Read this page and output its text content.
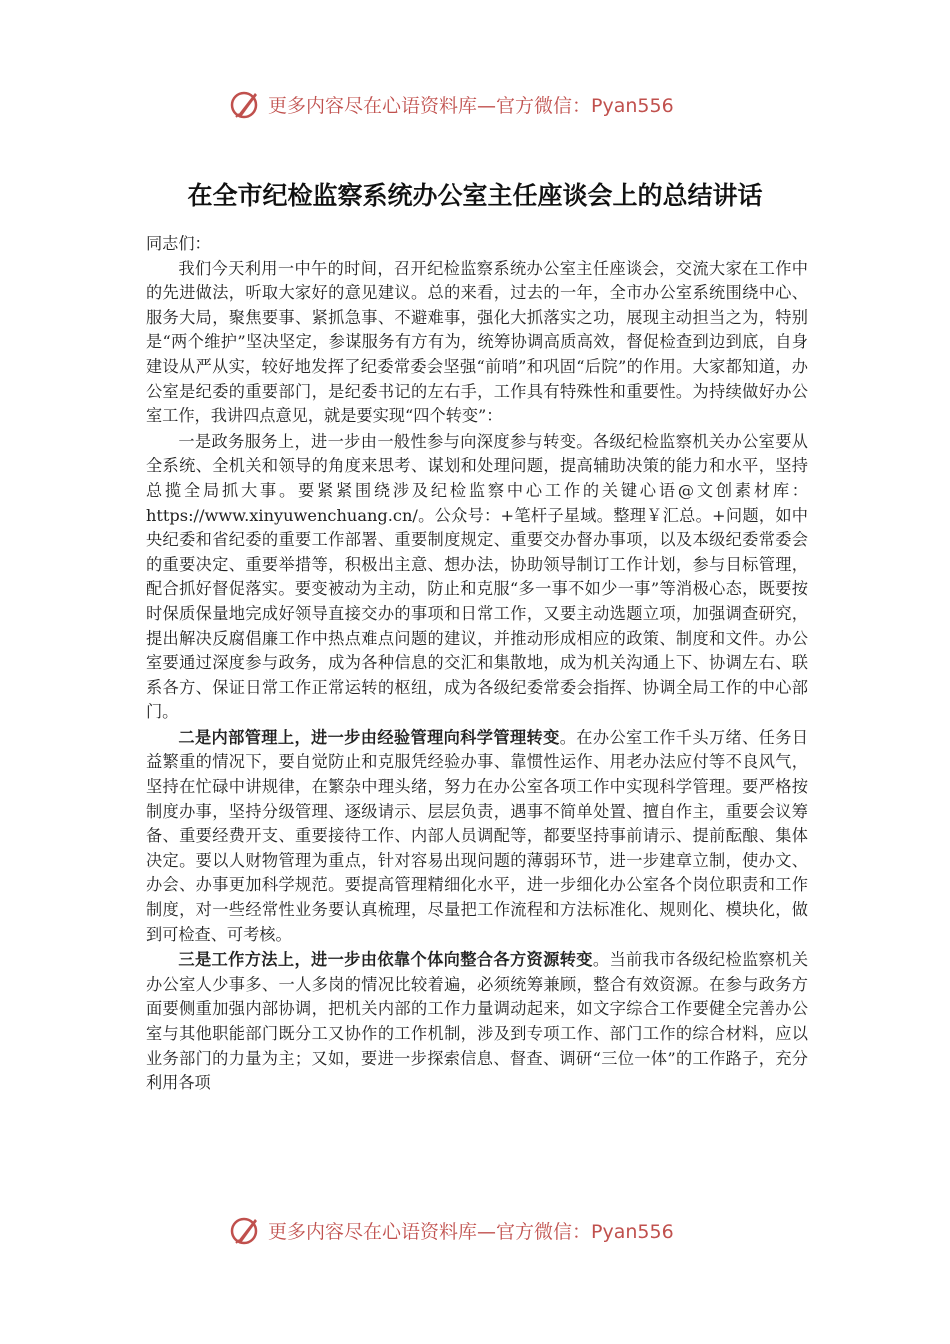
更多内容尽在心语资料库—官方微信：Pyan556
在全市纪检监察系统办公室主任座谈会上的总结讲话

同志们：

我们今天利用一中午的时间，召开纪检监察系统办公室主任座谈会，交流大家在工作中的先进做法，听取大家好的意见建议。总的来看，过去的一年，全市办公室系统围绕中心、服务大局，聚焦要事、紧抓急事、不避难事，强化大抓落实之功，展现主动担当之为，特别是“两个维护”坚决坚定，参谋服务有方有为，统筹协调高质高效，督促检查到边到底，自身建设从严从实，较好地发挥了纪委常委会坚强“前哨”和巩固“后院”的作用。大家都知道，办公室是纪委的重要部门，是纪委书记的左右手，工作具有特殊性和重要性。为持续做好办公室工作，我讲四点意见，就是要实现“四个转变”：

一是政务服务上，进一步由一般性参与向深度参与转变。各级纪检监察机关办公室要从全系统、全机关和领导的角度来思考、谋划和处理问题，提高辅助决策的能力和水平，坚持总揽全局抓大事。要紧紧围绕涉及纪检监察中心工作的关键心语@文创素材库：https://www.xinyuwenchuang.cn/。公众号：+笔杆子星域。整理￥汇总。+问题，如中央纪委和省纪委的重要工作部署、重要制度规定、重要交办督办事项，以及本级纪委常委会的重要决定、重要举措等，积极出主意、想办法，协助领导制订工作计划，参与目标管理，配合抓好督促落实。要变被动为主动，防止和克服“多一事不如少一事”等消极心态，既要按时保质保量地完成好领导直接交办的事项和日常工作，又要主动选题立项，加强调查研究，提出解决反腐倡廉工作中热点难点问题的建议，并推动形成相应的政策、制度和文件。办公室要通过深度参与政务，成为各种信息的交汇和集散地，成为机关沟通上下、协调左右、联系各方、保证日常工作正常运转的枢纽，成为各级纪委常委会指挥、协调全局工作的中心部门。

二是内部管理上，进一步由经验管理向科学管理转变。在办公室工作千头万绪、任务日益繁重的情况下，要自觉防止和克服凭经验办事、靠惯性运作、用老办法应付等不良风气，坚持在忙碌中讲规律，在繁杂中理头绪，努力在办公室各项工作中实现科学管理。要严格按制度办事，坚持分级管理、逐级请示、层层负责，遇事不简单处置、擅自作主，重要会议筹备、重要经费开支、重要接待工作、内部人员调配等，都要坚持事前请示、提前酝酿、集体决定。要以人财物管理为重点，针对容易出现问题的薄弱环节，进一步建章立制，使办文、办会、办事更加科学规范。要提高管理精细化水平，进一步细化办公室各个岗位职责和工作制度，对一些经常性业务要认真梳理，尽量把工作流程和方法标准化、规则化、模块化，做到可检查、可考核。

三是工作方法上，进一步由依靠个体向整合各方资源转变。当前我市各级纪检监察机关办公室人少事多、一人多岗的情况比较着遍，必须统筹兼顾，整合有效资源。在参与政务方面要侧重加强内部协调，把机关内部的工作力量调动起来，如文字综合工作要健全完善办公室与其他职能部门既分工又协作的工作机制，涉及到专项工作、部门工作的综合材料，应以业务部门的力量为主；又如，要进一步探索信息、督查、调研“三位一体”的工作路子，充分利用各项

更多内容尽在心语资料库—官方微信：Pyan556
